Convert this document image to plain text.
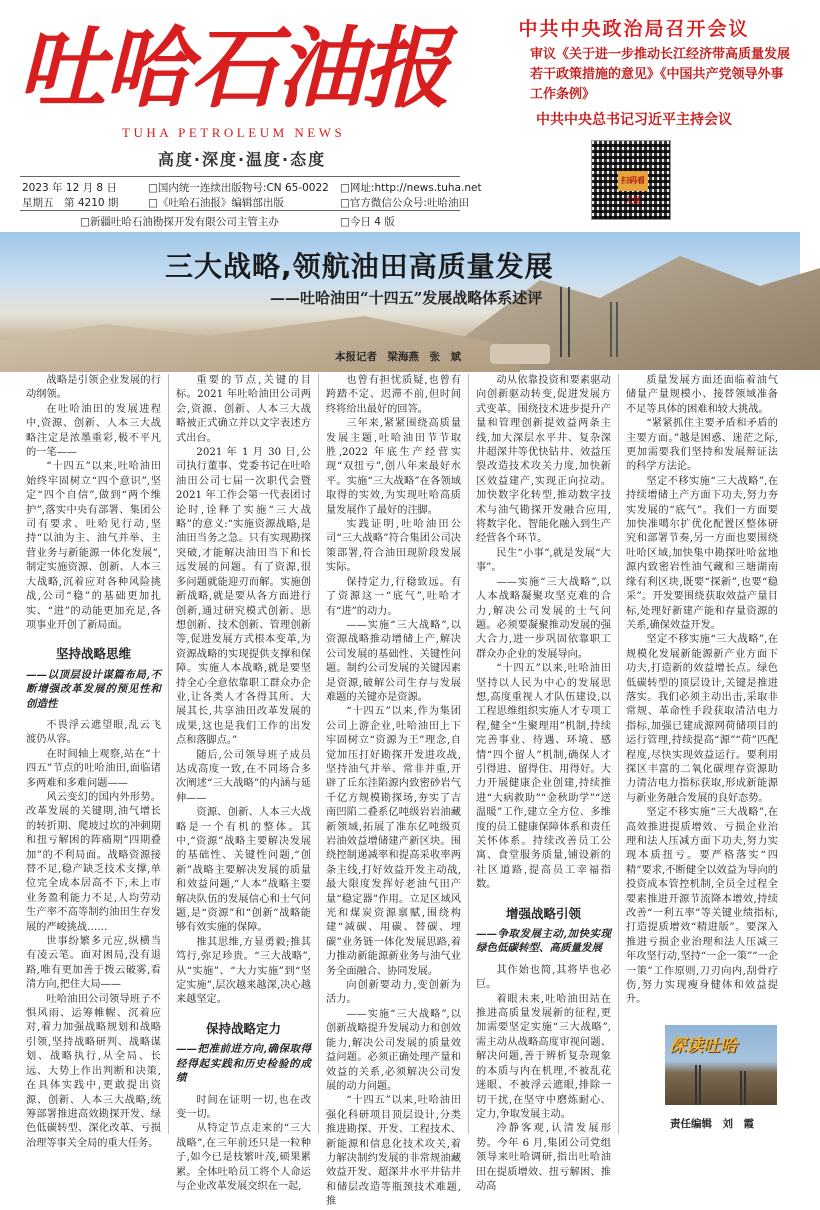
吐哈石油报
TUHA PETROLEUM NEWS
高度·深度·温度·态度
2023 年 12 月 8 日	□国内统一连续出版物号:CN 65-0022 □网址:http://news.tuha.net
星期五　第 4210 期	□《吐哈石油报》编辑部出版	□官方微信公众号:吐哈油田
□新疆吐哈石油勘探开发有限公司主管主办	□今日 4 版
中共中央政治局召开会议
审议《关于进一步推动长江经济带高质量发展若干政策措施的意见》《中国共产党领导外事工作条例》
中共中央总书记习近平主持会议
扫码看大图
三大战略,领航油田高质量发展
——吐哈油田“十四五”发展战略体系述评
本报记者　梁海燕　张　斌

战略是引领企业发展的行动纲领。

在吐哈油田的发展进程中,资源、创新、人本三大战略注定是浓墨重彩,极不平凡的一笔——

“十四五”以来,吐哈油田始终牢固树立“四个意识”,坚定“四个自信”,做到“两个维护”,落实中央有部署、集团公司有要求、吐哈见行动,坚持“以油为主、油气并举、主营业务与新能源一体化发展”,制定实施资源、创新、人本三大战略,沉着应对各种风险挑战,公司“稳”的基础更加扎实、“进”的动能更加充足,各项事业开创了新局面。

坚持战略思维

——以顶层设计谋篇布局,不断增强改革发展的预见性和创造性

不畏浮云遮望眼,乱云飞渡仍从容。

在时间轴上观察,站在“十四五”节点的吐哈油田,面临诸多两难和多难问题——

风云变幻的国内外形势。改革发展的关键期,油气增长的转折期、爬坡过坎的冲刺期和扭亏解困的阵痛期“四期叠加”的不利局面。战略资源接替不足,稳产缺乏技术支撑,单位完全成本居高不下,未上市业务盈利能力不足,人均劳动生产率不高等制约油田生存发展的严峻挑战……

世事纷繁多元应,纵横当有凌云笔。面对困局,没有退路,唯有更加善于拨云破雾,看清方向,把住大局——

吐哈油田公司领导班子不惧风雨、运筹帷幄、沉着应对,着力加强战略规划和战略引领,坚持战略研判、战略谋划、战略执行,从全局、长远、大势上作出判断和决策,在具体实践中,更敢提出资源、创新、人本三大战略,统筹部署推进高效勘探开发、绿色低碳转型、深化改革、亏损治理等事关全局的重大任务。

重要的节点,关键的目标。2021 年吐哈油田公司两会,资源、创新、人本三大战略被正式确立并以文字表述方式出台。

2021 年 1 月 30 日,公司执行董事、党委书记在吐哈油田公司七届一次职代会暨 2021 年工作会第一代表团讨论时,诠释了实施“三大战略”的意义:“实施资源战略,是油田当务之急。只有实现勘探突破,才能解决油田当下和长远发展的问题。有了资源,很多问题就能迎刃而解。实施创新战略,就是要从各方面进行创新,通过研究模式创新、思想创新、技术创新、管理创新等,促进发展方式根本变革,为资源战略的实现提供支撑和保障。实施人本战略,就是要坚持全心全意依靠职工群众办企业,让各类人才各得其所、大展其长,共享油田改革发展的成果,这也是我们工作的出发点和落脚点。”

随后,公司领导班子成员达成高度一致,在不同场合多次阐述“三大战略”的内涵与延伸——

资源、创新、人本三大战略是一个有机的整体。其中,“资源”战略主要解决发展的基础性、关键性问题,“创新”战略主要解决发展的质量和效益问题,“人本”战略主要解决队伍的发展信心和士气问题,是“资源”和“创新”战略能够有效实施的保障。

推其思维,方显勇毅;推其笃行,弥足珍贵。“三大战略”,从“实施”、“大力实施”到“坚定实施”,层次越来越深,决心越来越坚定。

保持战略定力

——把准前进方向,确保取得经得起实践和历史检验的成绩

时间在证明一切,也在改变一切。

从特定节点走来的“三大战略”,在三年前还只是一粒种子,如今已是枝繁叶茂,硕果累累。全体吐哈员工将个人命运与企业改革发展交织在一起,

也曾有担忧质疑,也曾有跨踏不定、迟滞不前,但时间终将给出最好的回答。

三年来,紧紧围绕高质量发展主题,吐哈油田节节取胜,2022 年底生产经营实现“双扭亏”,创八年来最好水平。实施“三大战略”在各领域取得的实效,为实现吐哈高质量发展作了最好的注脚。

实践证明,吐哈油田公司“三大战略”符合集团公司决策部署,符合油田现阶段发展实际。

保持定力,行稳致远。有了资源这一“底气”,吐哈才有“进”的动力。

——实施“三大战略”,以资源战略推动增储上产,解决公司发展的基础性、关键性问题。制约公司发展的关键因素是资源,破解公司生存与发展难题的关键亦是资源。

“十四五”以来,作为集团公司上游企业,吐哈油田上下牢固树立“资源为王”理念,自觉加压打好勘探开发进攻战,坚持油气并举、常非并重,开辟了丘东洼陷源内致密砂岩气千亿方规模勘探场,夯实了吉南凹陷二叠系亿吨级岩岩油藏新领域,拓展了准东亿吨级页岩油效益增储建产新区块。围绕控制递减率和提高采收率两条主线,打好效益开发主动战,最大限度发挥好老油气田产量“稳定器”作用。立足区域风光和煤炭资源禀赋,围绕构建“减碳、用碳、替碳、埋碳”业务链一体化发展思路,着力推动新能源新业务与油气业务全面融合、协同发展。

向创新要动力,变创新为活力。

——实施“三大战略”,以创新战略提升发展动力和创效能力,解决公司发展的质量效益问题。必须正确处理产量和效益的关系,必须解决公司发展的动力问题。

“十四五”以来,吐哈油田强化科研项目顶层设计,分类推进勘探、开发、工程技术、新能源和信息化技术攻关,着力解决制约发展的非常规油藏效益开发、超深井水平井钻井和储层改造等瓶颈技术难题,推

动从依靠投资和要素驱动向创新驱动转变,促进发展方式变革。围绕技术进步提升产量和管理创新提效益两条主线,加大深层水平井、复杂深井超深井等优快钻井、效益压裂改造技术攻关力度,加快新区效益建产,实现正向拉动。加快数字化转型,推动数字技术与油气勘探开发融合应用,将数字化、智能化融入到生产经营各个环节。

民生“小事”,就是发展“大事”。

——实施“三大战略”,以人本战略凝聚攻坚克难的合力,解决公司发展的士气问题。必须要凝聚推动发展的强大合力,进一步巩固依靠职工群众办企业的发展导向。

“十四五”以来,吐哈油田坚持以人民为中心的发展思想,高度重视人才队伍建设,以工程思维组织实施人才专项工程,健全“生聚理用”机制,持续完善事业、待遇、环境、感情“四个留人”机制,确保人才引得进、留得住、用得好。大力开展健康企业创建,持续推进“大病救助”“金秋助学”“送温暖”工作,建立全方位、多维度的员工健康保障体系和责任关怀体系。持续改善员工公寓、食堂服务质量,铺设新的社区道路,提高员工幸福指数。

增强战略引领

——争取发展主动,加快实现绿色低碳转型、高质量发展

其作始也简,其将毕也必巨。

着眼未来,吐哈油田站在推进高质量发展新的征程,更加需要坚定实施“三大战略”,需主动从战略高度审视问题、解决问题,善于辨析复杂现象的本质与内在机理,不被乱花迷眼、不被浮云遮眼,排除一切干扰,在坚守中磨炼耐心、定力,争取发展主动。

冷静客观,认清发展形势。今年 6 月,集团公司党组领导来吐哈调研,指出吐哈油田在提质增效、扭亏解困、推动高

质量发展方面还面临着油气储量产量规模小、接替领域准备不足等具体的困难和较大挑战。

“紧紧抓住主要矛盾和矛盾的主要方面。”越是困惑、迷茫之际,更加需要我们坚持和发展辩证法的科学方法论。

坚定不移实施“三大战略”,在持续增储上产方面下功夫,努力夯实发展的“底气”。我们一方面要加快准噶尔扩优化配置区整体研究和部署节奏,另一方面也要围绕吐哈区域,加快集中勘探吐哈盆地源内致密岩性油气藏和三塘湖南缘有利区块,既要“探新”,也要“稳采”。开发要围绕获取效益产量目标,处理好新建产能和存量资源的关系,确保效益开发。

坚定不移实施“三大战略”,在规模化发展新能源新产业方面下功夫,打造新的效益增长点。绿色低碳转型的顶层设计,关键是推进落实。我们必须主动出击,采取非常规、革命性手段获取清洁电力指标,加强已建成源网荷储项目的运行管理,持续提高“源”“荷”匹配程度,尽快实现效益运行。要利用探区丰富的二氧化碳埋存资源助力清洁电力指标获取,形成新能源与新业务融合发展的良好态势。

坚定不移实施“三大战略”,在高效推进提质增效、亏损企业治理和法人压减方面下功夫,努力实现本质扭亏。要严格落实“四精”要求,不断健全以效益为导向的投资成本管控机制,全员全过程全要素推进开源节流降本增效,持续改善“一利五率”等关键业绩指标,打造提质增效“精进版”。要深入推进亏损企业治理和法人压减三年攻坚行动,坚持“一企一策”“一企一策”工作原则,刀刃向内,刮骨疗伤,努力实现瘦身健体和效益提升。

深读吐哈
责任编辑　刘　霞
